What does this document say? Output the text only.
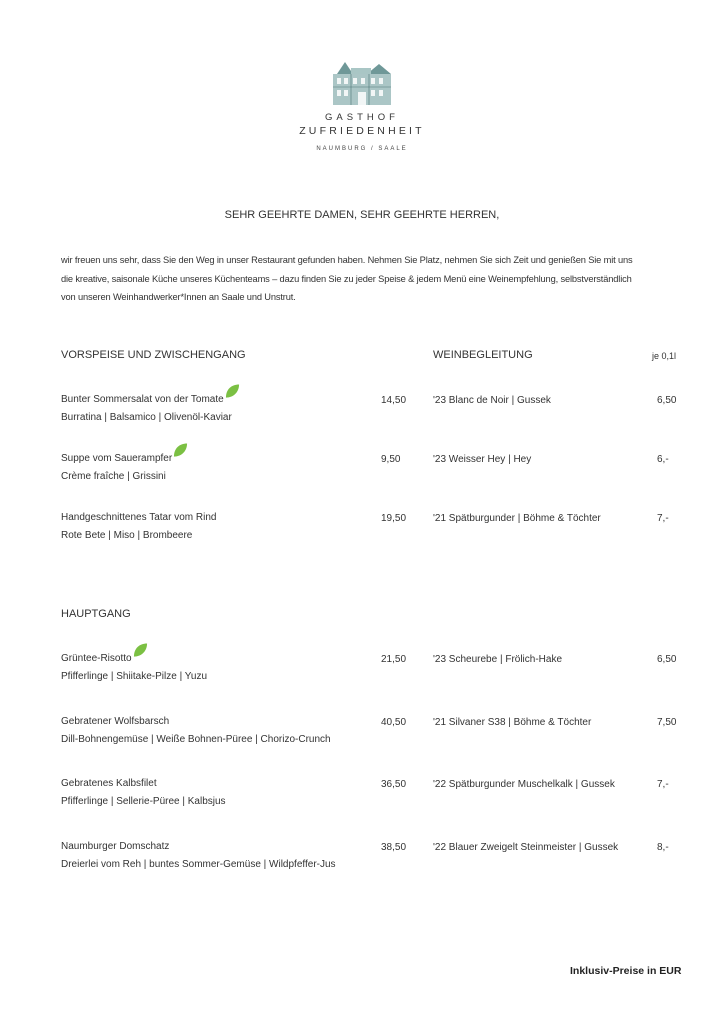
GASTHOF
ZUFRIEDENHEIT
NAUMBURG / SAALE
SEHR GEEHRTE DAMEN, SEHR GEEHRTE HERREN,
wir freuen uns sehr, dass Sie den Weg in unser Restaurant gefunden haben. Nehmen Sie Platz, nehmen Sie sich Zeit und genießen Sie mit uns
die kreative, saisonale Küche unseres Küchenteams – dazu finden Sie zu jeder Speise & jedem Menü eine Weinempfehlung, selbstverständlich
von unseren Weinhandwerker*Innen an Saale und Unstrut.
VORSPEISE UND ZWISCHENGANG	WEINBEGLEITUNG	je 0,1l
Bunter Sommersalat von der Tomate
Burratina | Balsamico | Olivenöl-Kaviar
14,50	'23 Blanc de Noir | Gussek	6,50
Suppe vom Sauerampfer
Crème fraîche | Grissini
9,50	'23 Weisser Hey | Hey	6,-
Handgeschnittenes Tatar vom Rind
Rote Bete | Miso | Brombeere
19,50	'21 Spätburgunder | Böhme & Töchter	7,-
HAUPTGANG
Grüntee-Risotto
Pfifferlinge | Shiitake-Pilze | Yuzu
21,50	'23 Scheurebe | Frölich-Hake	6,50
Gebratener Wolfsbarsch
Dill-Bohnengemüse | Weiße Bohnen-Püree | Chorizo-Crunch
40,50	'21 Silvaner S38 | Böhme & Töchter	7,50
Gebratenes Kalbsfilet
Pfifferlinge | Sellerie-Püree | Kalbsjus
36,50	'22 Spätburgunder Muschelkalk | Gussek	7,-
Naumburger Domschatz
Dreierlei vom Reh | buntes Sommer-Gemüse | Wildpfeffer-Jus
38,50	'22 Blauer Zweigelt Steinmeister | Gussek	8,-
Inklusiv-Preise in EUR
